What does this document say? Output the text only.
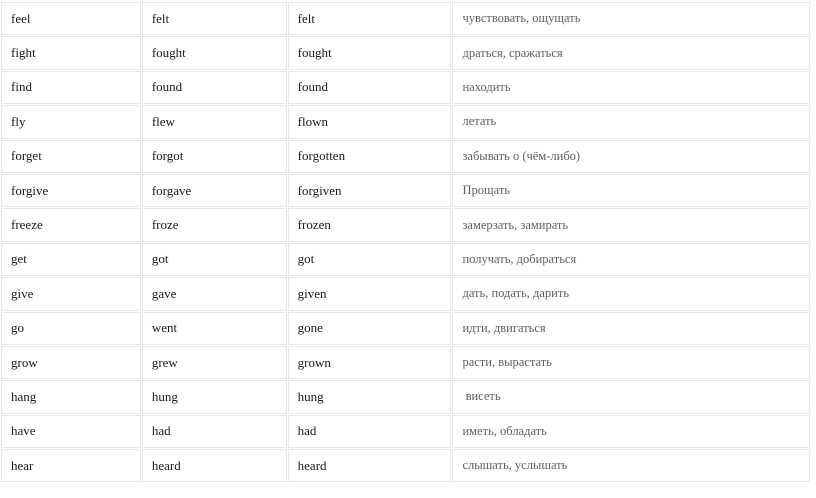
feel	felt	felt	чувствовать, ощущать
fight	fought	fought	драться, сражаться
find	found	found	находить
fly	flew	flown	летать
forget	forgot	forgotten	забывать о (чём-либо)
forgive	forgave	forgiven	Прощать
freeze	froze	frozen	замерзать, замирать
get	got	got	получать, добираться
give	gave	given	дать, подать, дарить
go	went	gone	идти, двигаться
grow	grew	grown	расти, вырастать
hang	hung	hung	висеть
have	had	had	иметь, обладать
hear	heard	heard	слышать, услышать
